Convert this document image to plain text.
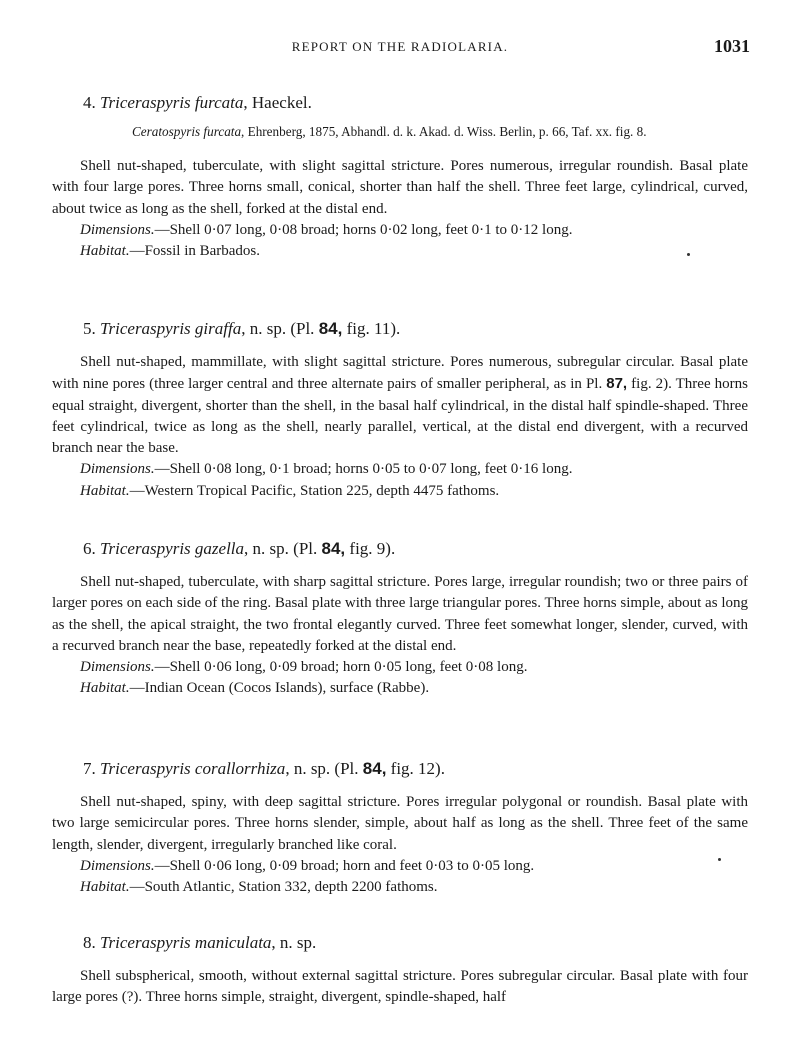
REPORT ON THE RADIOLARIA.	1031
4. Triceraspyris furcata, Haeckel.
Ceratospyris furcata, Ehrenberg, 1875, Abhandl. d. k. Akad. d. Wiss. Berlin, p. 66, Taf. xx. fig. 8.

Shell nut-shaped, tuberculate, with slight sagittal stricture. Pores numerous, irregular roundish. Basal plate with four large pores. Three horns small, conical, shorter than half the shell. Three feet large, cylindrical, curved, about twice as long as the shell, forked at the distal end.

Dimensions.—Shell 0·07 long, 0·08 broad; horns 0·02 long, feet 0·1 to 0·12 long.
Habitat.—Fossil in Barbados.
5. Triceraspyris giraffa, n. sp. (Pl. 84, fig. 11).

Shell nut-shaped, mammillate, with slight sagittal stricture. Pores numerous, subregular circular. Basal plate with nine pores (three larger central and three alternate pairs of smaller peripheral, as in Pl. 87, fig. 2). Three horns equal straight, divergent, shorter than the shell, in the basal half cylindrical, in the distal half spindle-shaped. Three feet cylindrical, twice as long as the shell, nearly parallel, vertical, at the distal end divergent, with a recurved branch near the base.

Dimensions.—Shell 0·08 long, 0·1 broad; horns 0·05 to 0·07 long, feet 0·16 long.
Habitat.—Western Tropical Pacific, Station 225, depth 4475 fathoms.
6. Triceraspyris gazella, n. sp. (Pl. 84, fig. 9).

Shell nut-shaped, tuberculate, with sharp sagittal stricture. Pores large, irregular roundish; two or three pairs of larger pores on each side of the ring. Basal plate with three large triangular pores. Three horns simple, about as long as the shell, the apical straight, the two frontal elegantly curved. Three feet somewhat longer, slender, curved, with a recurved branch near the base, repeatedly forked at the distal end.

Dimensions.—Shell 0·06 long, 0·09 broad; horn 0·05 long, feet 0·08 long.
Habitat.—Indian Ocean (Cocos Islands), surface (Rabbe).
7. Triceraspyris corallorrhiza, n. sp. (Pl. 84, fig. 12).

Shell nut-shaped, spiny, with deep sagittal stricture. Pores irregular polygonal or roundish. Basal plate with two large semicircular pores. Three horns slender, simple, about half as long as the shell. Three feet of the same length, slender, divergent, irregularly branched like coral.

Dimensions.—Shell 0·06 long, 0·09 broad; horn and feet 0·03 to 0·05 long.
Habitat.—South Atlantic, Station 332, depth 2200 fathoms.
8. Triceraspyris maniculata, n. sp.

Shell subspherical, smooth, without external sagittal stricture. Pores subregular circular. Basal plate with four large pores (?). Three horns simple, straight, divergent, spindle-shaped, half
